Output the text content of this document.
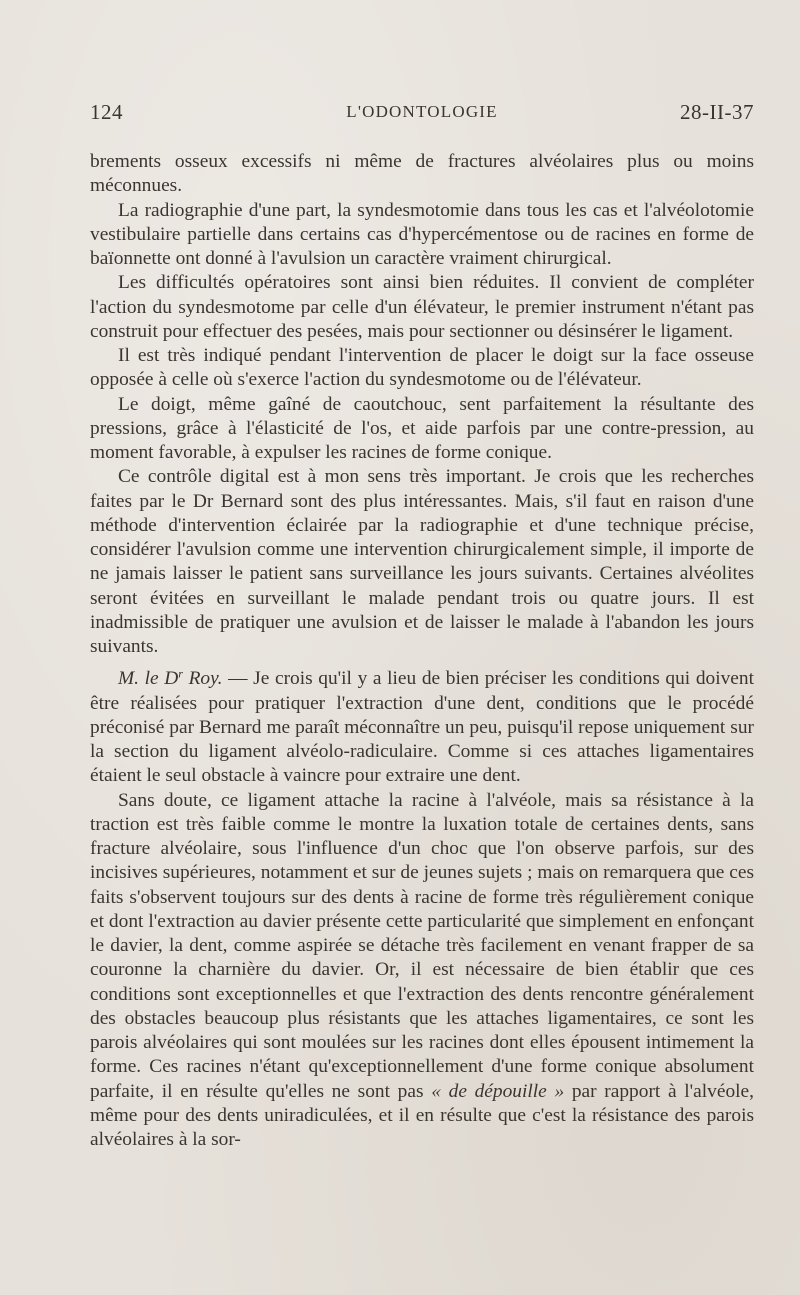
124	L'ODONTOLOGIE	28-II-37

brements osseux excessifs ni même de fractures alvéolaires plus ou moins méconnues.

La radiographie d'une part, la syndesmotomie dans tous les cas et l'alvéolotomie vestibulaire partielle dans certains cas d'hypercémentose ou de racines en forme de baïonnette ont donné à l'avulsion un caractère vraiment chirurgical.

Les difficultés opératoires sont ainsi bien réduites. Il convient de compléter l'action du syndesmotome par celle d'un élévateur, le premier instrument n'étant pas construit pour effectuer des pesées, mais pour sectionner ou désinsérer le ligament.

Il est très indiqué pendant l'intervention de placer le doigt sur la face osseuse opposée à celle où s'exerce l'action du syndesmotome ou de l'élévateur.

Le doigt, même gaîné de caoutchouc, sent parfaitement la résultante des pressions, grâce à l'élasticité de l'os, et aide parfois par une contre-pression, au moment favorable, à expulser les racines de forme conique.

Ce contrôle digital est à mon sens très important. Je crois que les recherches faites par le Dr Bernard sont des plus intéressantes. Mais, s'il faut en raison d'une méthode d'intervention éclairée par la radiographie et d'une technique précise, considérer l'avulsion comme une intervention chirurgicalement simple, il importe de ne jamais laisser le patient sans surveillance les jours suivants. Certaines alvéolites seront évitées en surveillant le malade pendant trois ou quatre jours. Il est inadmissible de pratiquer une avulsion et de laisser le malade à l'abandon les jours suivants.

M. le $D^r$ Roy. — Je crois qu'il y a lieu de bien préciser les conditions qui doivent être réalisées pour pratiquer l'extraction d'une dent, conditions que le procédé préconisé par Bernard me paraît méconnaître un peu, puisqu'il repose uniquement sur la section du ligament alvéolo-radiculaire. Comme si ces attaches ligamentaires étaient le seul obstacle à vaincre pour extraire une dent.

Sans doute, ce ligament attache la racine à l'alvéole, mais sa résistance à la traction est très faible comme le montre la luxation totale de certaines dents, sans fracture alvéolaire, sous l'influence d'un choc que l'on observe parfois, sur des incisives supérieures, notamment et sur de jeunes sujets ; mais on remarquera que ces faits s'observent toujours sur des dents à racine de forme très régulièrement conique et dont l'extraction au davier présente cette particularité que simplement en enfonçant le davier, la dent, comme aspirée se détache très facilement en venant frapper de sa couronne la charnière du davier. Or, il est nécessaire de bien établir que ces conditions sont exceptionnelles et que l'extraction des dents rencontre généralement des obstacles beaucoup plus résistants que les attaches ligamentaires, ce sont les parois alvéolaires qui sont moulées sur les racines dont elles épousent intimement la forme. Ces racines n'étant qu'exceptionnellement d'une forme conique absolument parfaite, il en résulte qu'elles ne sont pas « de dépouille » par rapport à l'alvéole, même pour des dents uniradiculées, et il en résulte que c'est la résistance des parois alvéolaires à la sor-
